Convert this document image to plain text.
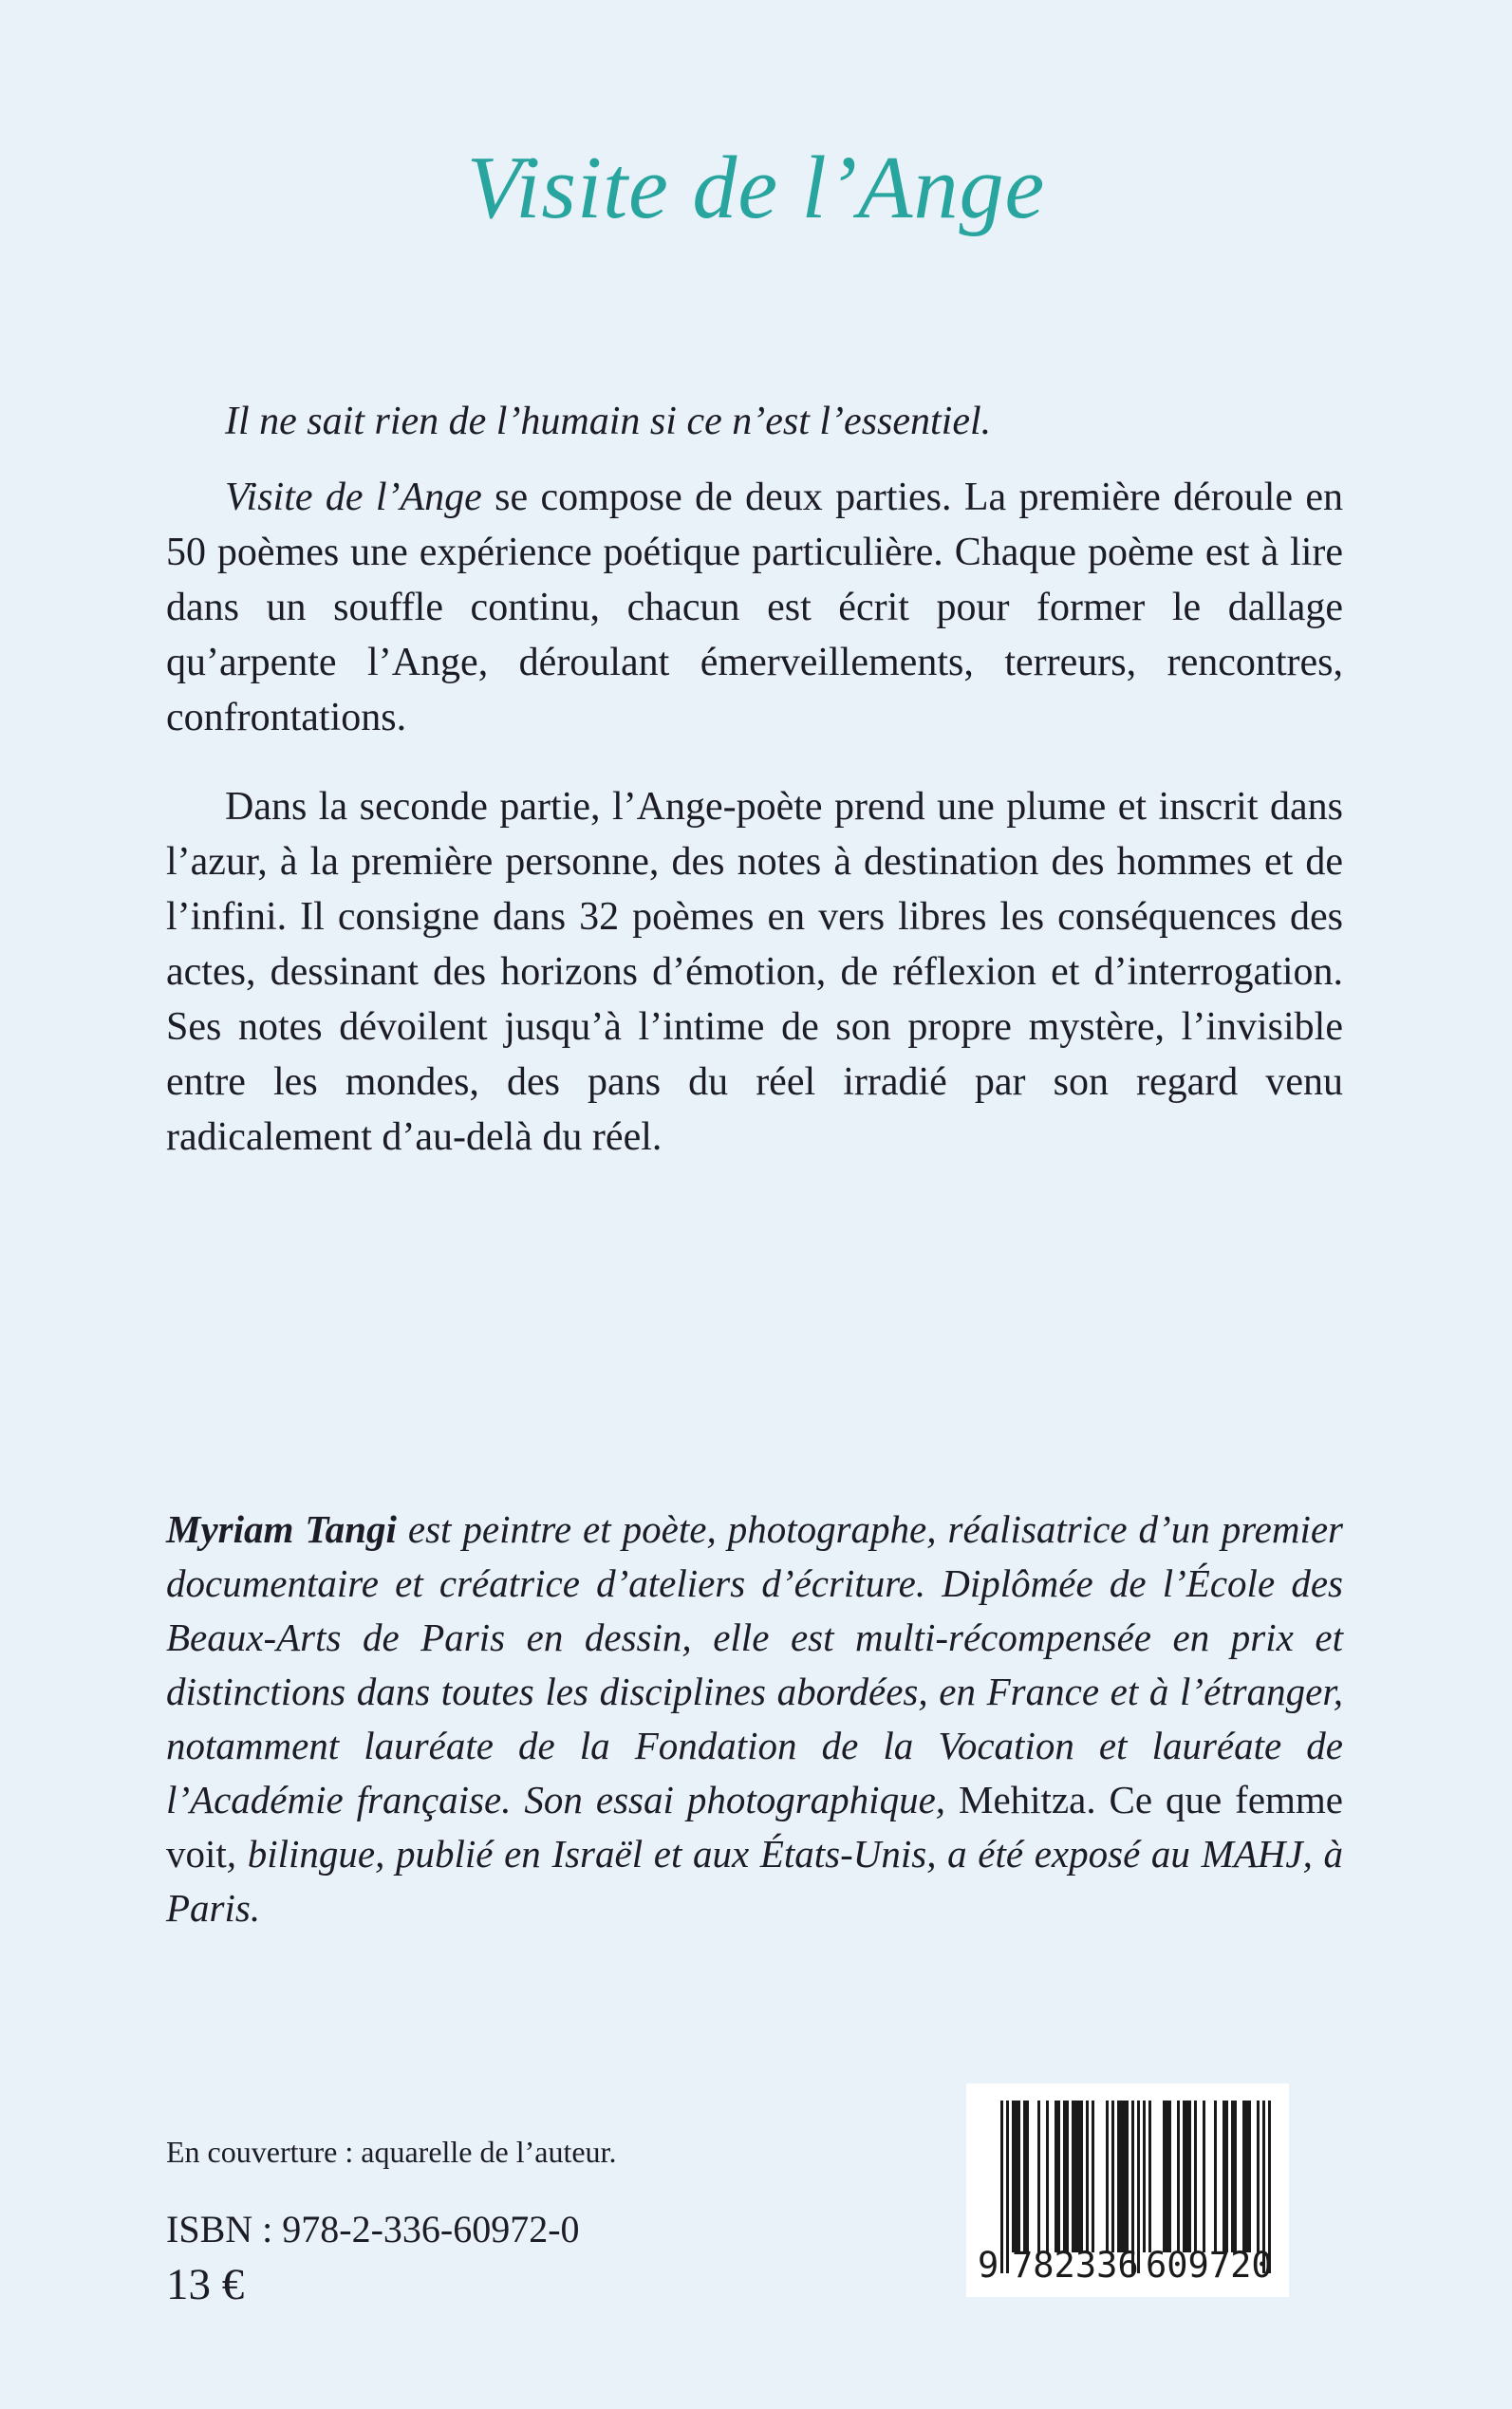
Visite de l’Ange

Il ne sait rien de l’humain si ce n’est l’essentiel.

Visite de l’Ange se compose de deux parties. La première déroule en 50 poèmes une expérience poétique particulière. Chaque poème est à lire dans un souffle continu, chacun est écrit pour former le dallage qu’arpente l’Ange, déroulant émerveillements, terreurs, rencontres, confrontations.

Dans la seconde partie, l’Ange-poète prend une plume et inscrit dans l’azur, à la première personne, des notes à destination des hommes et de l’infini. Il consigne dans 32 poèmes en vers libres les conséquences des actes, dessinant des horizons d’émotion, de réflexion et d’interrogation. Ses notes dévoilent jusqu’à l’intime de son propre mystère, l’invisible entre les mondes, des pans du réel irradié par son regard venu radicalement d’au-delà du réel.

Myriam Tangi est peintre et poète, photographe, réalisatrice d’un premier documentaire et créatrice d’ateliers d’écriture. Diplômée de l’École des Beaux-Arts de Paris en dessin, elle est multi-récompensée en prix et distinctions dans toutes les disciplines abordées, en France et à l’étranger, notamment lauréate de la Fondation de la Vocation et lauréate de l’Académie française. Son essai photographique, Mehitza. Ce que femme voit, bilingue, publié en Israël et aux États-Unis, a été exposé au MAHJ, à Paris.

En couverture : aquarelle de l’auteur.

ISBN : 978-2-336-60972-0

13 €	9 782336 609720
